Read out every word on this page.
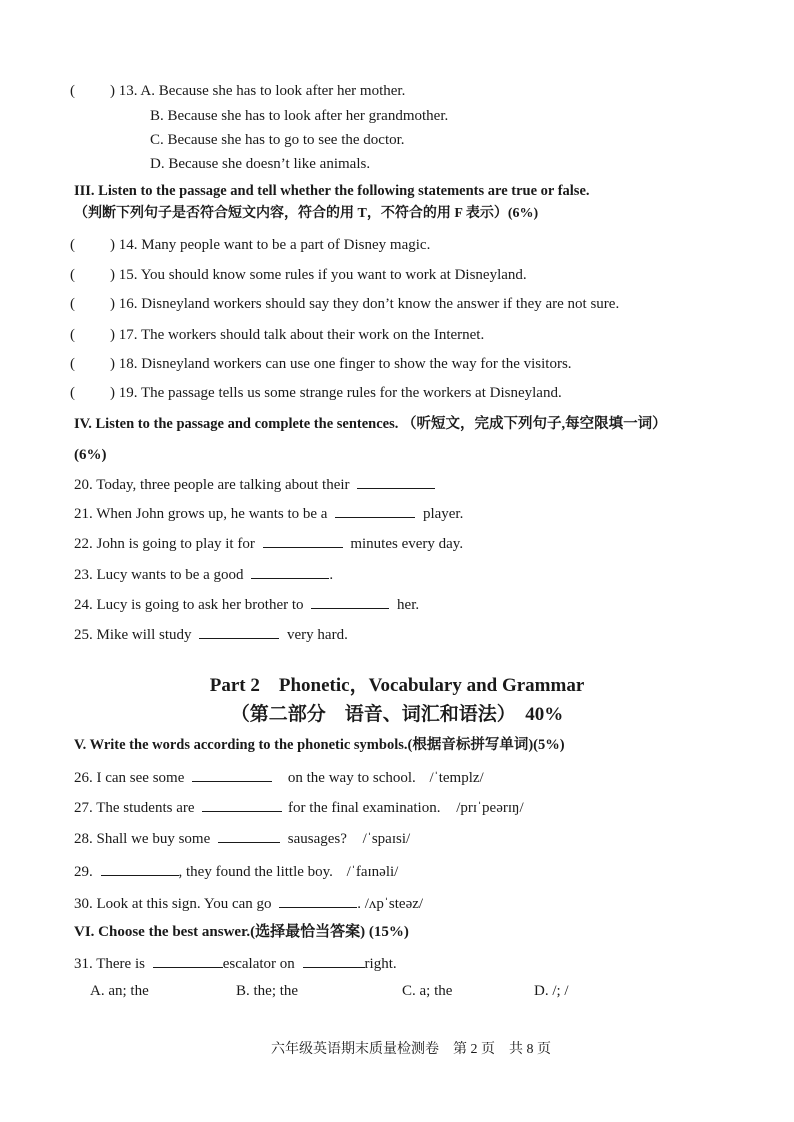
( ) 13. A. Because she has to look after her mother.
B. Because she has to look after her grandmother.
C. Because she has to go to see the doctor.
D. Because she doesn’t like animals.
III. Listen to the passage and tell whether the following statements are true or false.
（判断下列句子是否符合短文内容，符合的用 T，不符合的用 F 表示）(6%)
( ) 14. Many people want to be a part of Disney magic.
( ) 15. You should know some rules if you want to work at Disneyland.
( ) 16. Disneyland workers should say they don’t know the answer if they are not sure.
( ) 17. The workers should talk about their work on the Internet.
( ) 18. Disneyland workers can use one finger to show the way for the visitors.
( ) 19. The passage tells us some strange rules for the workers at Disneyland.
IV. Listen to the passage and complete the sentences. （听短文，完成下列句子,每空限填一词）
(6%)
20. Today, three people are talking about their
21. When John grows up, he wants to be a	player.
22. John is going to play it for	minutes every day.
23. Lucy wants to be a good	.
24. Lucy is going to ask her brother to	her.
25. Mike will study	very hard.
Part 2　Phonetic，Vocabulary and Grammar
（第二部分　语音、词汇和语法）　40%
V. Write the words according to the phonetic symbols.(根据音标拼写单词)(5%)
26. I can see some	on the way to school. /ˈtemplz/
27. The students are	for the final examination. /prɪˈpeərɪŋ/
28. Shall we buy some	sausages? /ˈspaɪsi/
29.	, they found the little boy. /ˈfaɪnəli/
30. Look at this sign. You can go	. /ʌpˈsteəz/
VI. Choose the best answer.(选择最恰当答案) (15%)
31. There is	escalator on	right.
A. an; the	B. the; the	C. a; the	D. /; /
六年级英语期末质量检测卷　第 2 页　共 8 页
